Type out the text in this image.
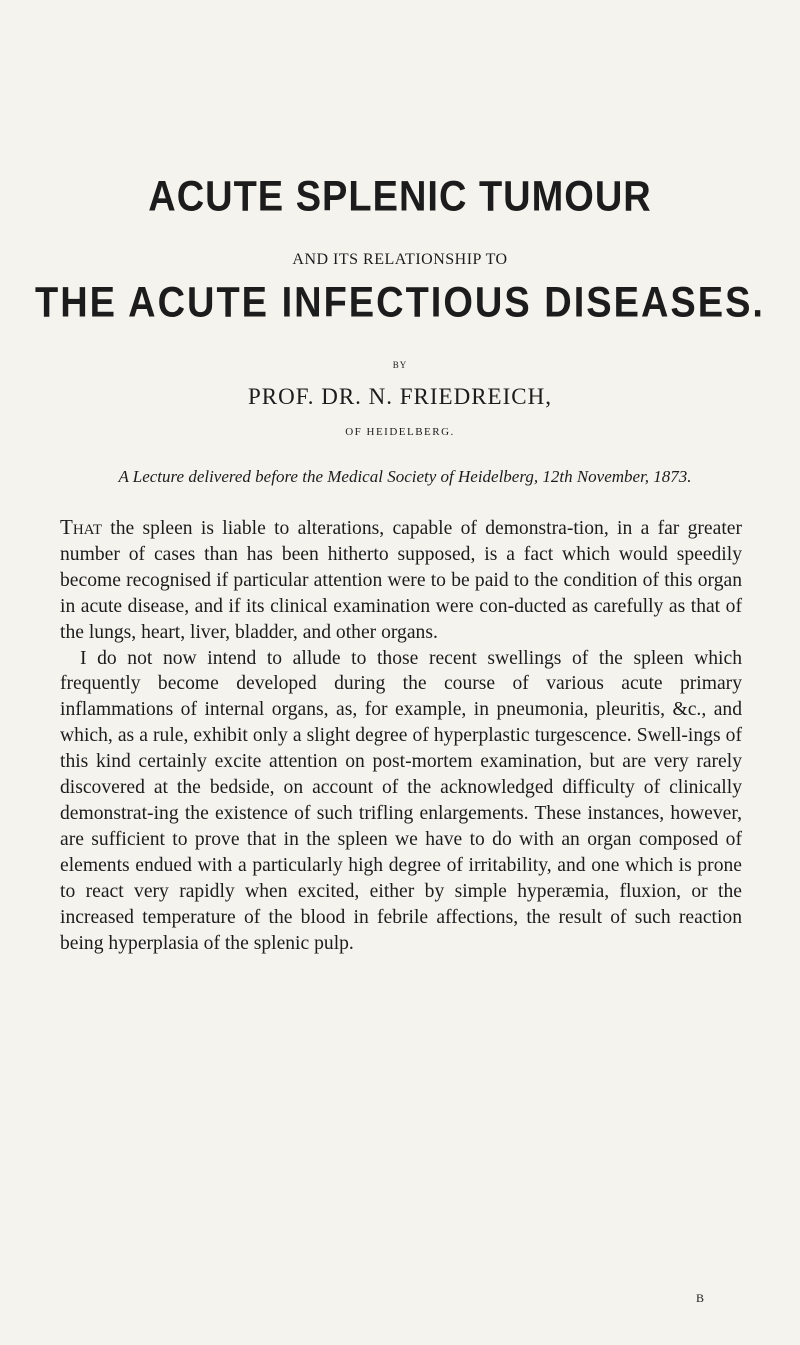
ACUTE SPLENIC TUMOUR
AND ITS RELATIONSHIP TO
THE ACUTE INFECTIOUS DISEASES.
BY
PROF. DR. N. FRIEDREICH,
OF HEIDELBERG.
A Lecture delivered before the Medical Society of Heidelberg, 12th November, 1873.

That the spleen is liable to alterations, capable of demonstra-tion, in a far greater number of cases than has been hitherto supposed, is a fact which would speedily become recognised if particular attention were to be paid to the condition of this organ in acute disease, and if its clinical examination were con-ducted as carefully as that of the lungs, heart, liver, bladder, and other organs.

I do not now intend to allude to those recent swellings of the spleen which frequently become developed during the course of various acute primary inflammations of internal organs, as, for example, in pneumonia, pleuritis, &c., and which, as a rule, exhibit only a slight degree of hyperplastic turgescence. Swell-ings of this kind certainly excite attention on post-mortem examination, but are very rarely discovered at the bedside, on account of the acknowledged difficulty of clinically demonstrat-ing the existence of such trifling enlargements. These instances, however, are sufficient to prove that in the spleen we have to do with an organ composed of elements endued with a particularly high degree of irritability, and one which is prone to react very rapidly when excited, either by simple hyperæmia, fluxion, or the increased temperature of the blood in febrile affections, the result of such reaction being hyperplasia of the splenic pulp.

B
